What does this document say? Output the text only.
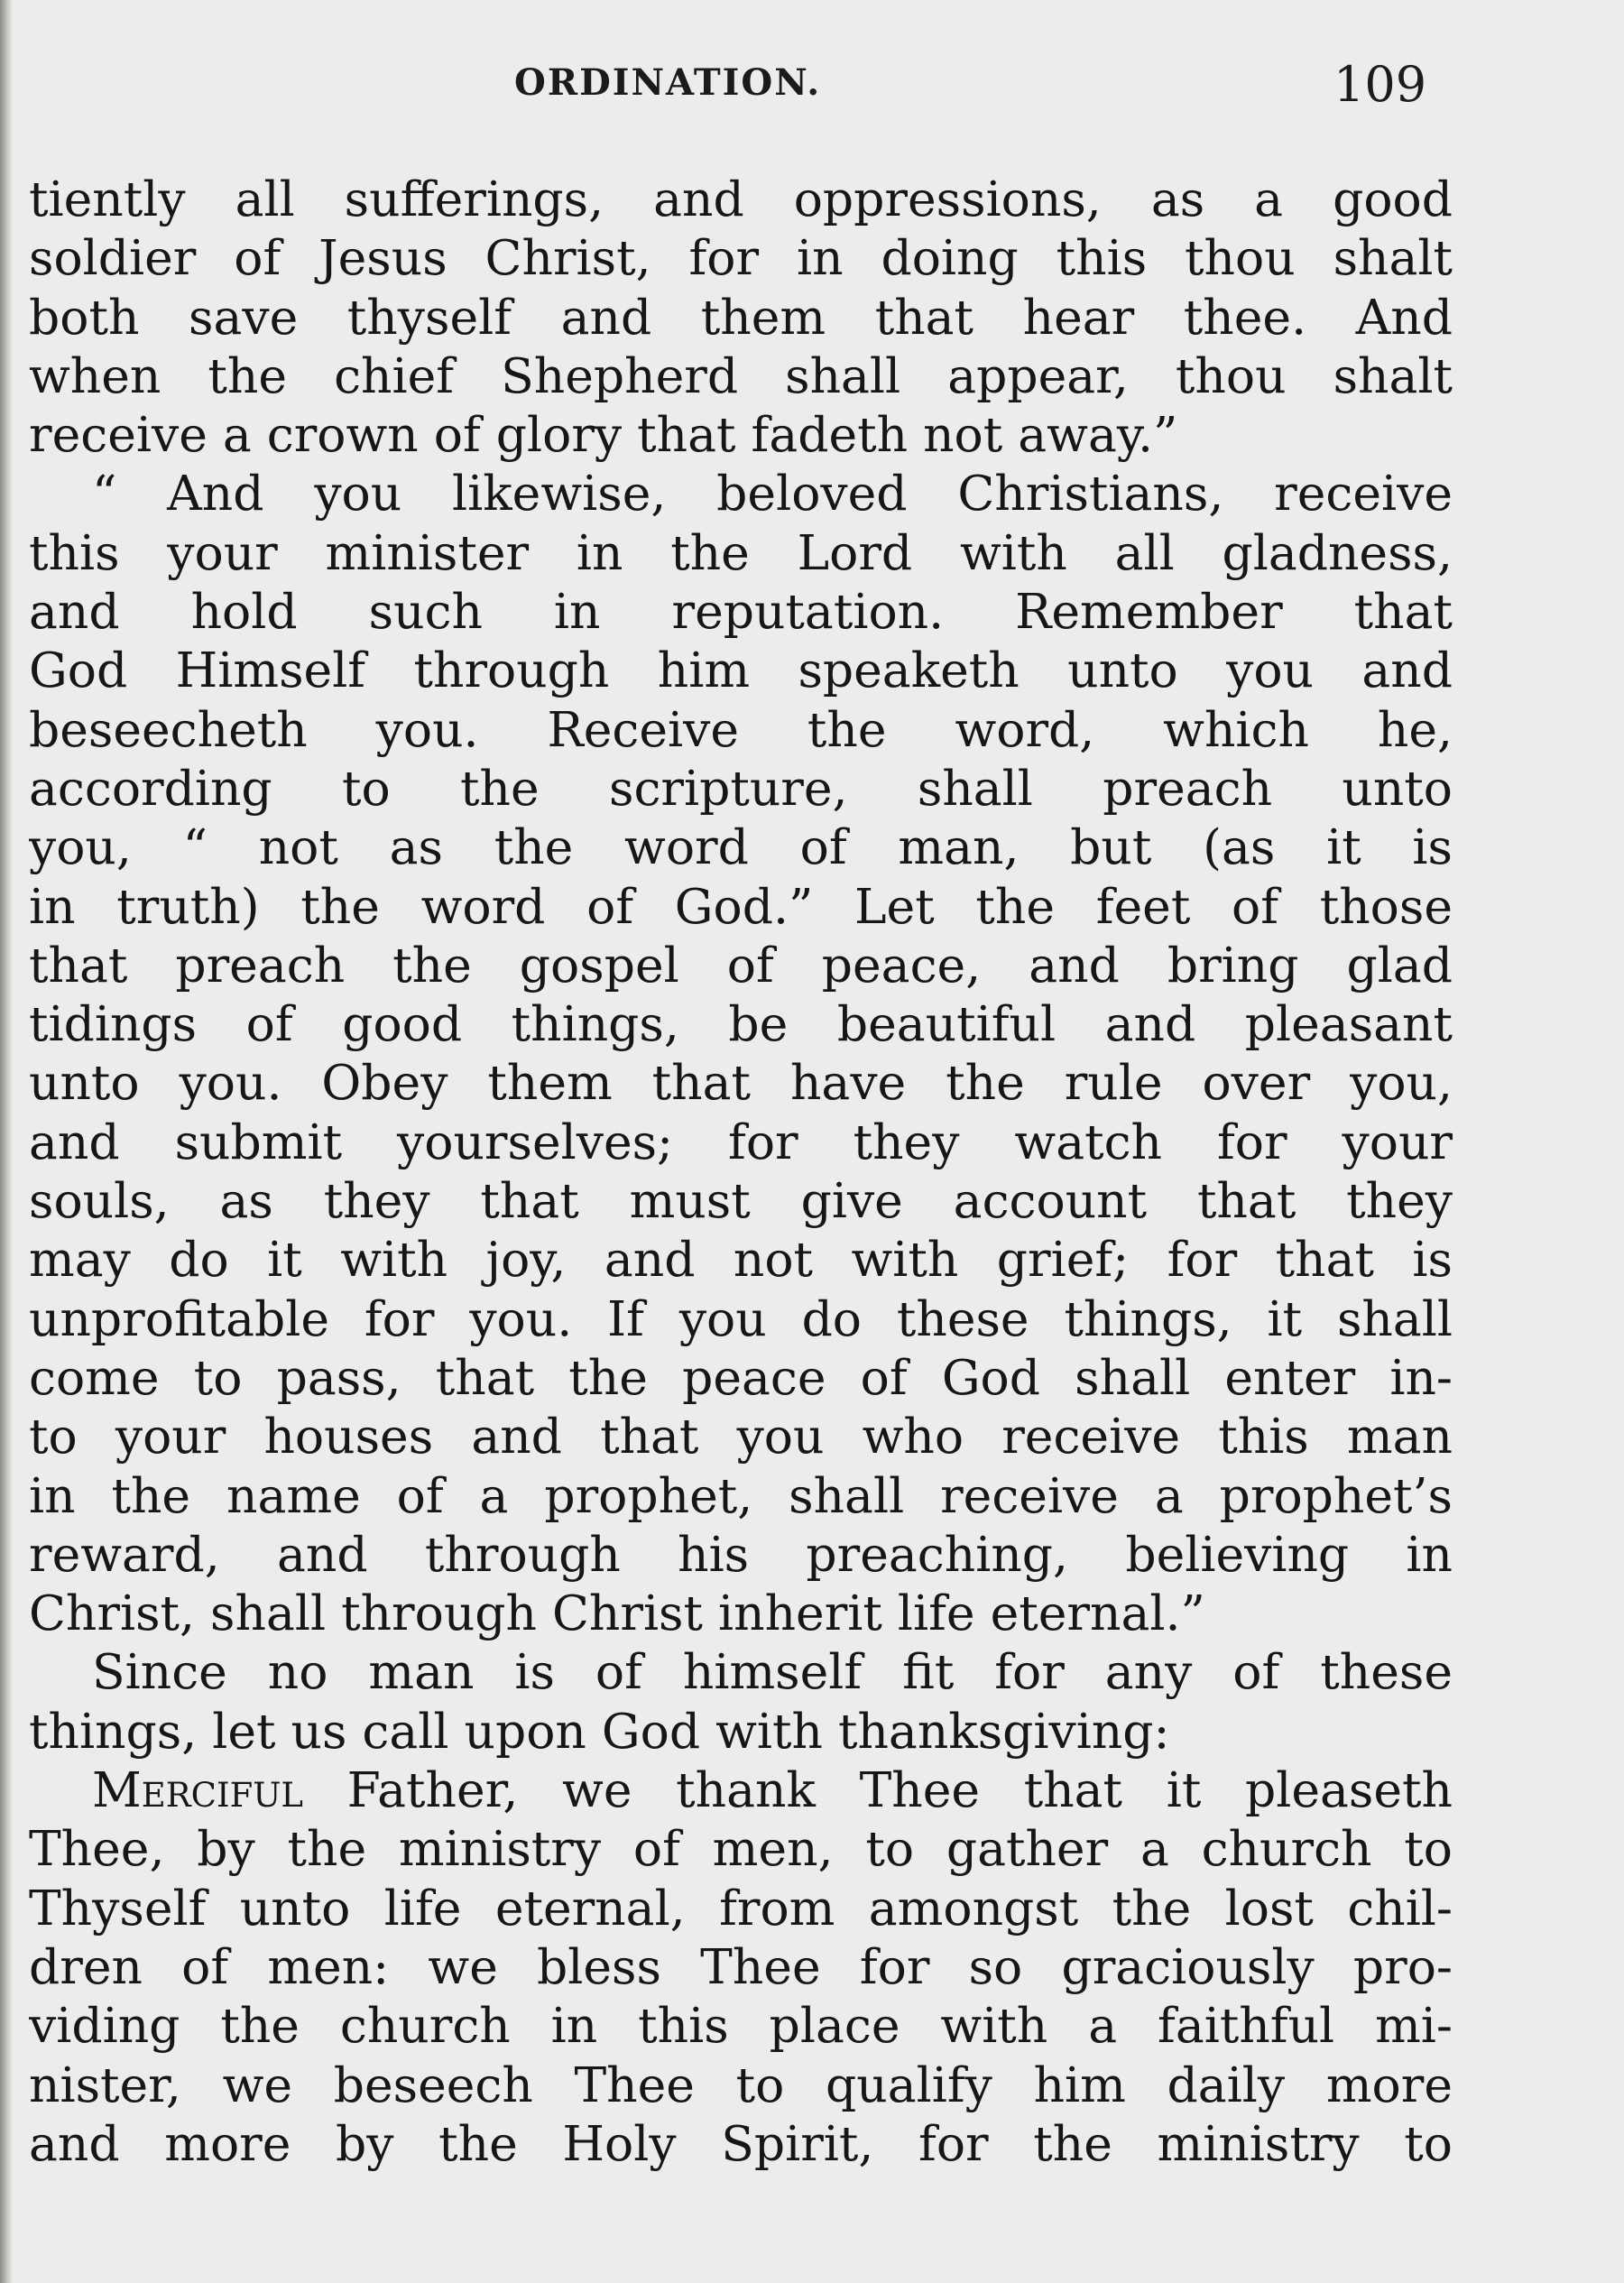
ORDINATION.	109
tiently all sufferings, and oppressions, as a good
soldier of Jesus Christ, for in doing this thou shalt
both save thyself and them that hear thee. And
when the chief Shepherd shall appear, thou shalt
receive a crown of glory that fadeth not away.”
“ And you likewise, beloved Christians, receive
this your minister in the Lord with all gladness,
and hold such in reputation. Remember that
God Himself through him speaketh unto you and
beseecheth you. Receive the word, which he,
according to the scripture, shall preach unto
you, “ not as the word of man, but (as it is
in truth) the word of God.” Let the feet of those
that preach the gospel of peace, and bring glad
tidings of good things, be beautiful and pleasant
unto you. Obey them that have the rule over you,
and submit yourselves; for they watch for your
souls, as they that must give account that they
may do it with joy, and not with grief; for that is
unprofitable for you. If you do these things, it shall
come to pass, that the peace of God shall enter in-
to your houses and that you who receive this man
in the name of a prophet, shall receive a prophet’s
reward, and through his preaching, believing in
Christ, shall through Christ inherit life eternal.”
Since no man is of himself fit for any of these
things, let us call upon God with thanksgiving:
Merciful Father, we thank Thee that it pleaseth
Thee, by the ministry of men, to gather a church to
Thyself unto life eternal, from amongst the lost chil-
dren of men: we bless Thee for so graciously pro-
viding the church in this place with a faithful mi-
nister, we beseech Thee to qualify him daily more
and more by the Holy Spirit, for the ministry to
